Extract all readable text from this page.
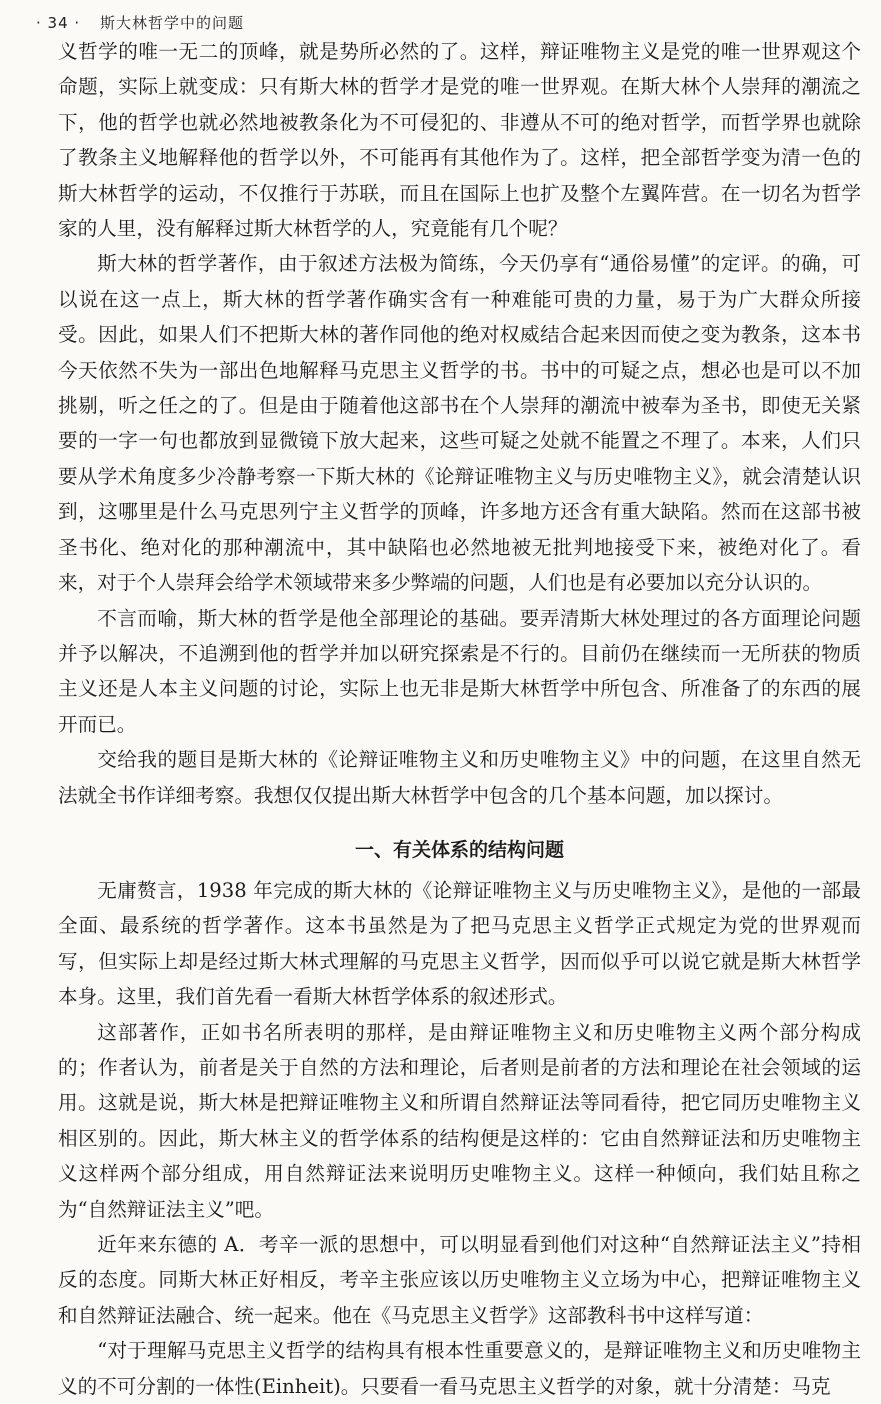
· 34 · 斯大林哲学中的问题

义哲学的唯一无二的顶峰，就是势所必然的了。这样，辩证唯物主义是党的唯一世界观这个命题，实际上就变成：只有斯大林的哲学才是党的唯一世界观。在斯大林个人崇拜的潮流之下，他的哲学也就必然地被教条化为不可侵犯的、非遵从不可的绝对哲学，而哲学界也就除了教条主义地解释他的哲学以外，不可能再有其他作为了。这样，把全部哲学变为清一色的斯大林哲学的运动，不仅推行于苏联，而且在国际上也扩及整个左翼阵营。在一切名为哲学家的人里，没有解释过斯大林哲学的人，究竟能有几个呢？

斯大林的哲学著作，由于叙述方法极为简练，今天仍享有“通俗易懂”的定评。的确，可以说在这一点上，斯大林的哲学著作确实含有一种难能可贵的力量，易于为广大群众所接受。因此，如果人们不把斯大林的著作同他的绝对权威结合起来因而使之变为教条，这本书今天依然不失为一部出色地解释马克思主义哲学的书。书中的可疑之点，想必也是可以不加挑剔，听之任之的了。但是由于随着他这部书在个人崇拜的潮流中被奉为圣书，即使无关紧要的一字一句也都放到显微镜下放大起来，这些可疑之处就不能置之不理了。本来，人们只要从学术角度多少冷静考察一下斯大林的《论辩证唯物主义与历史唯物主义》，就会清楚认识到，这哪里是什么马克思列宁主义哲学的顶峰，许多地方还含有重大缺陷。然而在这部书被圣书化、绝对化的那种潮流中，其中缺陷也必然地被无批判地接受下来，被绝对化了。看来，对于个人崇拜会给学术领域带来多少弊端的问题，人们也是有必要加以充分认识的。

不言而喻，斯大林的哲学是他全部理论的基础。要弄清斯大林处理过的各方面理论问题并予以解决，不追溯到他的哲学并加以研究探索是不行的。目前仍在继续而一无所获的物质主义还是人本主义问题的讨论，实际上也无非是斯大林哲学中所包含、所准备了的东西的展开而已。

交给我的题目是斯大林的《论辩证唯物主义和历史唯物主义》中的问题，在这里自然无法就全书作详细考察。我想仅仅提出斯大林哲学中包含的几个基本问题，加以探讨。

一、有关体系的结构问题

无庸赘言，1938 年完成的斯大林的《论辩证唯物主义与历史唯物主义》，是他的一部最全面、最系统的哲学著作。这本书虽然是为了把马克思主义哲学正式规定为党的世界观而写，但实际上却是经过斯大林式理解的马克思主义哲学，因而似乎可以说它就是斯大林哲学本身。这里，我们首先看一看斯大林哲学体系的叙述形式。

这部著作，正如书名所表明的那样，是由辩证唯物主义和历史唯物主义两个部分构成的；作者认为，前者是关于自然的方法和理论，后者则是前者的方法和理论在社会领域的运用。这就是说，斯大林是把辩证唯物主义和所谓自然辩证法等同看待，把它同历史唯物主义相区别的。因此，斯大林主义的哲学体系的结构便是这样的：它由自然辩证法和历史唯物主义这样两个部分组成，用自然辩证法来说明历史唯物主义。这样一种倾向，我们姑且称之为“自然辩证法主义”吧。

近年来东德的 A．考辛一派的思想中，可以明显看到他们对这种“自然辩证法主义”持相反的态度。同斯大林正好相反，考辛主张应该以历史唯物主义立场为中心，把辩证唯物主义和自然辩证法融合、统一起来。他在《马克思主义哲学》这部教科书中这样写道：

“对于理解马克思主义哲学的结构具有根本性重要意义的，是辩证唯物主义和历史唯物主义的不可分割的一体性(Einheit)。只要看一看马克思主义哲学的对象，就十分清楚：马克
